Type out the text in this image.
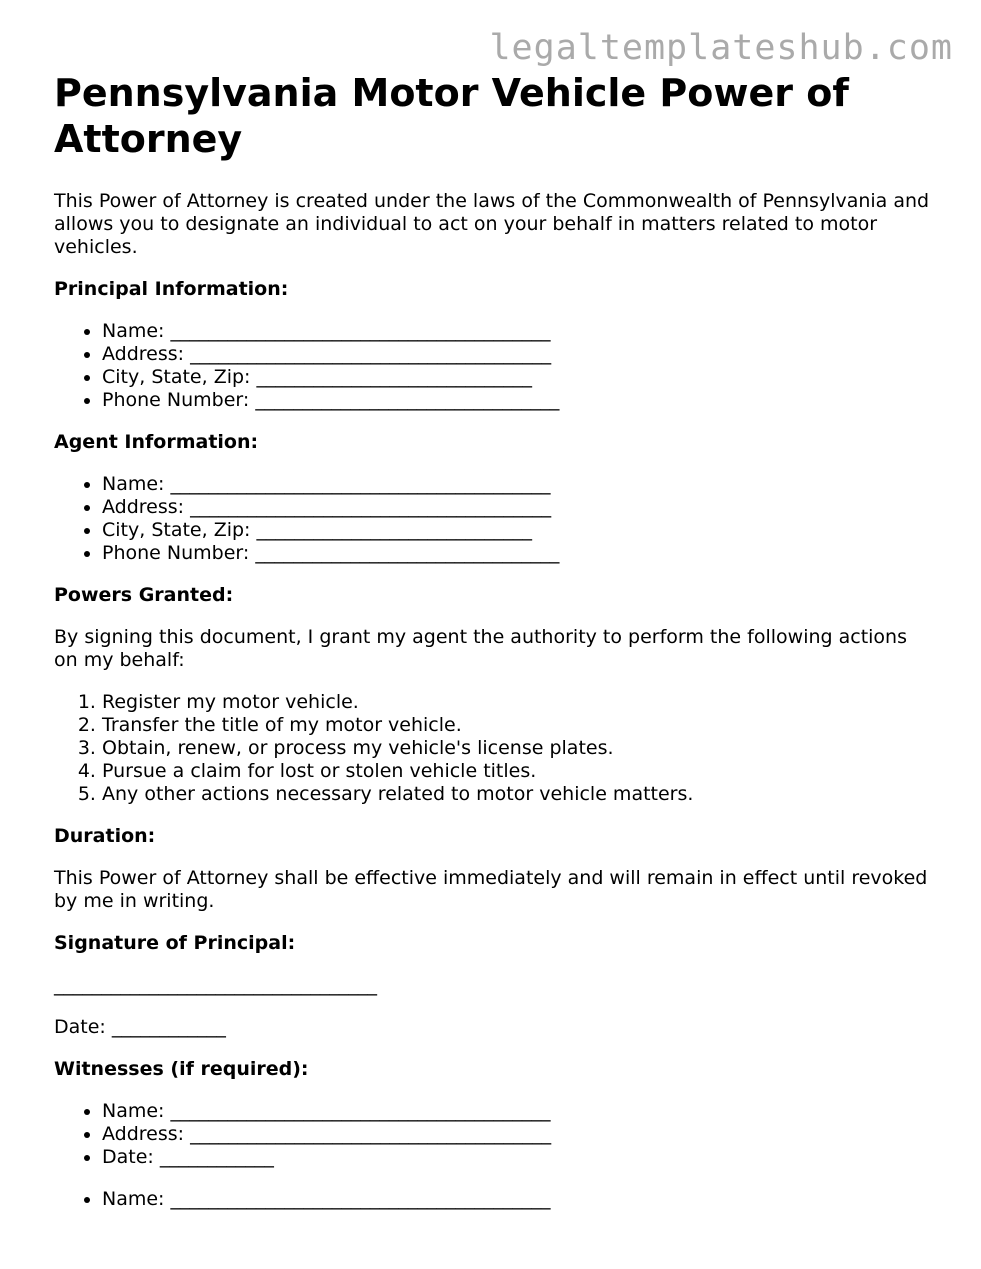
legaltemplateshub.com
Pennsylvania Motor Vehicle Power of Attorney

This Power of Attorney is created under the laws of the Commonwealth of Pennsylvania and allows you to designate an individual to act on your behalf in matters related to motor vehicles.

Principal Information:
• Name: ________________________________________
• Address: ______________________________________
• City, State, Zip: _____________________________
• Phone Number: ________________________________
Agent Information:
• Name: ________________________________________
• Address: ______________________________________
• City, State, Zip: _____________________________
• Phone Number: ________________________________
Powers Granted:

By signing this document, I grant my agent the authority to perform the following actions on my behalf:

1. Register my motor vehicle.
2. Transfer the title of my motor vehicle.
3. Obtain, renew, or process my vehicle's license plates.
4. Pursue a claim for lost or stolen vehicle titles.
5. Any other actions necessary related to motor vehicle matters.
Duration:

This Power of Attorney shall be effective immediately and will remain in effect until revoked by me in writing.

Signature of Principal:
__________________________________

Date: ____________

Witnesses (if required):
• Name: ________________________________________
• Address: ______________________________________
• Date: ____________
• Name: ________________________________________
